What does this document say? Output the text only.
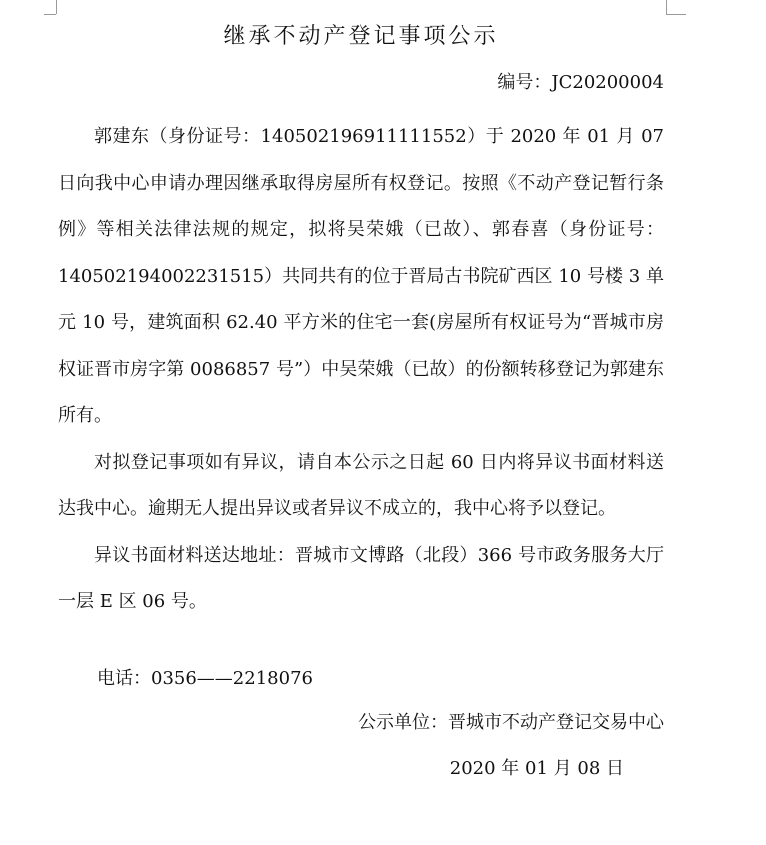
继承不动产登记事项公示
编号：JC20200004

郭建东（身份证号：140502196911111552）于 2020 年 01 月 07 日向我中心申请办理因继承取得房屋所有权登记。按照《不动产登记暂行条例》等相关法律法规的规定，拟将吴荣娥（已故）、郭春喜（身份证号：140502194002231515）共同共有的位于晋局古书院矿西区 10 号楼 3 单元 10 号，建筑面积 62.40 平方米的住宅一套(房屋所有权证号为“晋城市房权证晋市房字第 0086857 号”）中吴荣娥（已故）的份额转移登记为郭建东所有。

对拟登记事项如有异议，请自本公示之日起 60 日内将异议书面材料送达我中心。逾期无人提出异议或者异议不成立的，我中心将予以登记。

异议书面材料送达地址：晋城市文博路（北段）366 号市政务服务大厅一层 E 区 06 号。

电话：0356——2218076
公示单位：晋城市不动产登记交易中心
2020 年 01 月 08 日
